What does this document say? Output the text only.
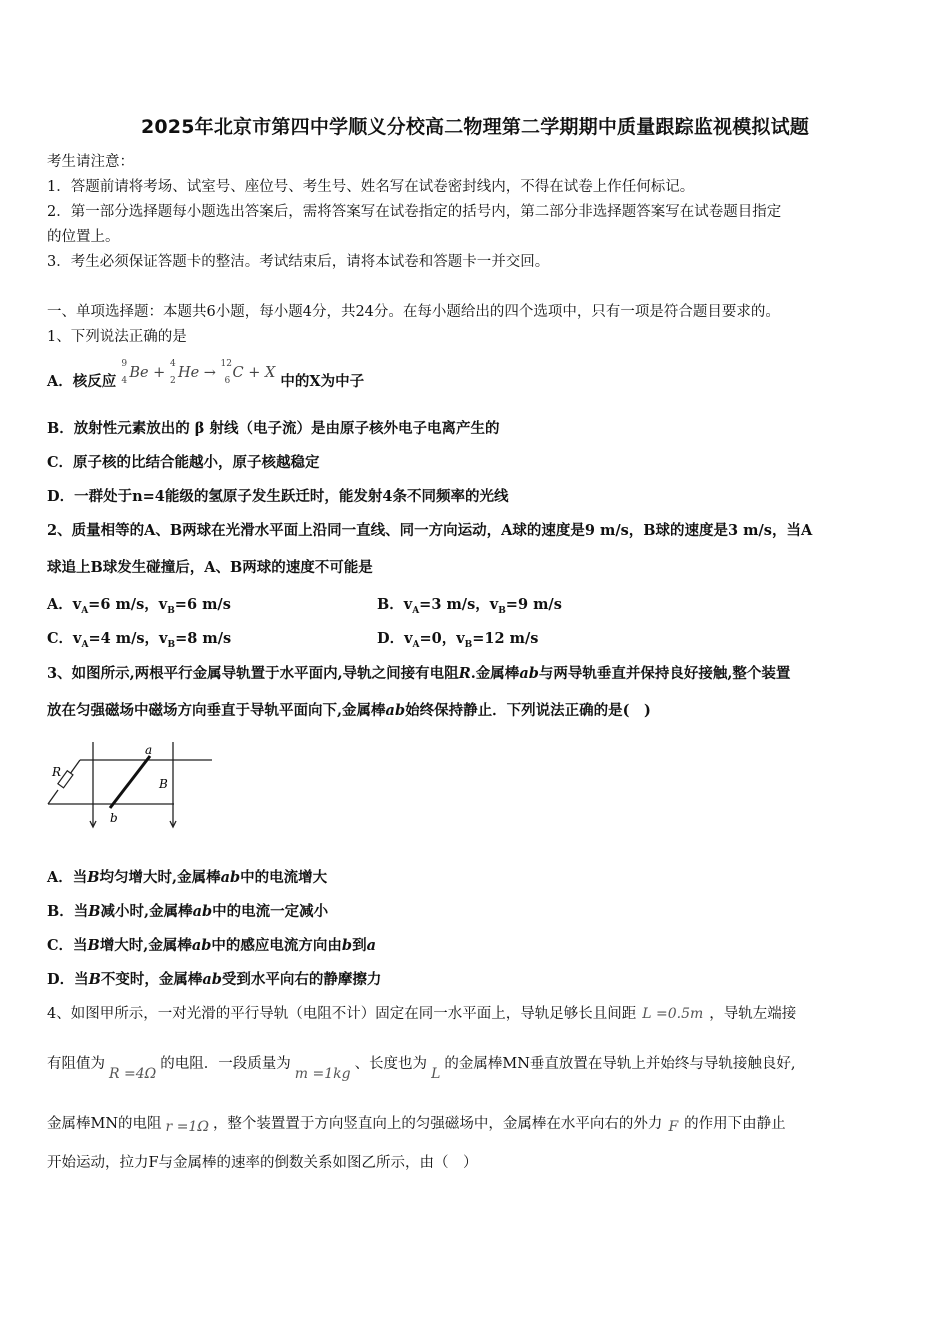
2025年北京市第四中学顺义分校高二物理第二学期期中质量跟踪监视模拟试题
考生请注意：
1．答题前请将考场、试室号、座位号、考生号、姓名写在试卷密封线内，不得在试卷上作任何标记。
2．第一部分选择题每小题选出答案后，需将答案写在试卷指定的括号内，第二部分非选择题答案写在试卷题目指定
的位置上。
3．考生必须保证答题卡的整洁。考试结束后，请将本试卷和答题卡一并交回。
一、单项选择题：本题共6小题，每小题4分，共24分。在每小题给出的四个选项中，只有一项是符合题目要求的。
1、下列说法正确的是
A．核反应
9
4 Be +
4
2 He →
12
6 C + X 中的X为中子
B．放射性元素放出的 β 射线（电子流）是由原子核外电子电离产生的
C．原子核的比结合能越小，原子核越稳定
D．一群处于n=4能级的氢原子发生跃迁时，能发射4条不同频率的光线
2、质量相等的A、B两球在光滑水平面上沿同一直线、同一方向运动，A球的速度是9 m/s，B球的速度是3 m/s，当A
球追上B球发生碰撞后，A、B两球的速度不可能是
A．$v_A=6$ m/s，$v_B=6$ m/s	B．$v_A=3$ m/s，$v_B=9$ m/s
C．$v_A=4$ m/s，$v_B=8$ m/s	D．$v_A=0$，$v_B=12$ m/s
3、如图所示,两根平行金属导轨置于水平面内,导轨之间接有电阻R.金属棒ab与两导轨垂直并保持良好接触,整个装置
放在匀强磁场中磁场方向垂直于导轨平面向下,金属棒ab始终保持静止．下列说法正确的是(　)
a
b
R
B
A．当B均匀增大时,金属棒ab中的电流增大
B．当B减小时,金属棒ab中的电流一定减小
C．当B增大时,金属棒ab中的感应电流方向由b到a
D．当B不变时，金属棒ab受到水平向右的静摩擦力
4、如图甲所示，一对光滑的平行导轨（电阻不计）固定在同一水平面上，导轨足够长且间距 L =0.5m ，导轨左端接
有阻值为R =4Ω的电阻．一段质量为m =1kg、长度也为L的金属棒MN垂直放置在导轨上并始终与导轨接触良好,
金属棒MN的电阻 r =1Ω ，整个装置置于方向竖直向上的匀强磁场中，金属棒在水平向右的外力 F 的作用下由静止
开始运动，拉力F与金属棒的速率的倒数关系如图乙所示，由（　）
